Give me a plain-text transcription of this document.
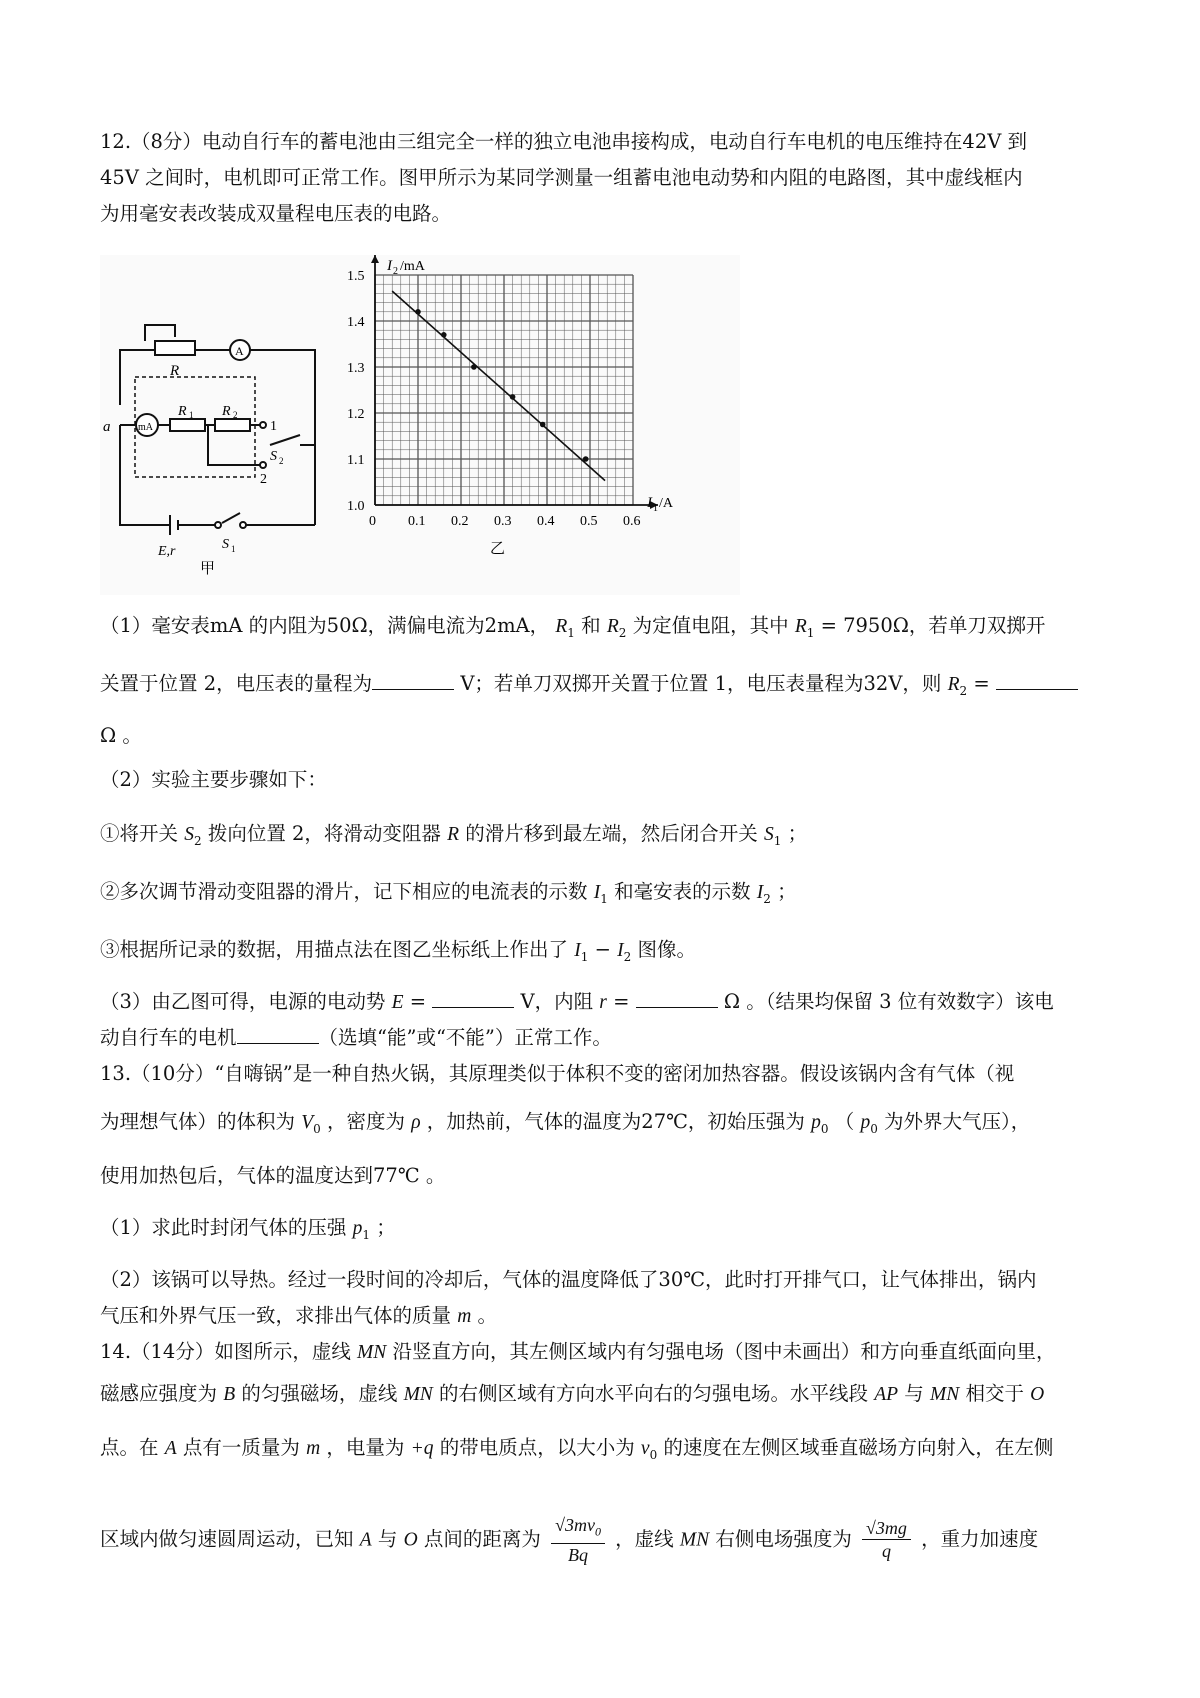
12.（8分）电动自行车的蓄电池由三组完全一样的独立电池串接构成，电动自行车电机的电压维持在42V 到
45V 之间时，电机即可正常工作。图甲所示为某同学测量一组蓄电池电动势和内阻的电路图，其中虚线框内
为用毫安表改装成双量程电压表的电路。
R
A
mA
a
R 1 R 2
1
2
S 2
E,r	S 1
甲
0 0.1 0.2 0.3 0.4 0.5 0.6
1.0
1.1
1.2
1.3
1.4
1.5
I 2 /mA
I 1 /A
乙
（1）毫安表mA 的内阻为50Ω，满偏电流为2mA， $R_1$ 和 $R_2$ 为定值电阻，其中 $R_1 = 7950\Omega$，若单刀双掷开
关置于位置 2，电压表的量程为	V；若单刀双掷开关置于位置 1，电压表量程为32V，则 $R_2$ =
Ω 。
（2）实验主要步骤如下：
①将开关 $S_2$ 拨向位置 2，将滑动变阻器 R 的滑片移到最左端，然后闭合开关 $S_1$ ；
②多次调节滑动变阻器的滑片，记下相应的电流表的示数 $I_1$ 和毫安表的示数 $I_2$ ；
③根据所记录的数据，用描点法在图乙坐标纸上作出了 $I_1 - I_2$ 图像。
（3）由乙图可得，电源的电动势 E =	V，内阻 r =	Ω 。（结果均保留 3 位有效数字）该电
动自行车的电机	（选填“能”或“不能”）正常工作。
13.（10分）“自嗨锅”是一种自热火锅，其原理类似于体积不变的密闭加热容器。假设该锅内含有气体（视
为理想气体）的体积为 $V_0$ ，密度为 ρ ，加热前，气体的温度为27℃，初始压强为 $p_0$ （ $p_0$ 为外界大气压），
使用加热包后，气体的温度达到77℃ 。
（1）求此时封闭气体的压强 $p_1$ ；
（2）该锅可以导热。经过一段时间的冷却后，气体的温度降低了30℃，此时打开排气口，让气体排出，锅内
气压和外界气压一致，求排出气体的质量 m 。
14.（14分）如图所示，虚线 MN 沿竖直方向，其左侧区域内有匀强电场（图中未画出）和方向垂直纸面向里，
磁感应强度为 B 的匀强磁场，虚线 MN 的右侧区域有方向水平向右的匀强电场。水平线段 AP 与 MN 相交于 O
点。在 A 点有一质量为 m ，电量为 +q 的带电质点，以大小为 $v_0$ 的速度在左侧区域垂直磁场方向射入，在左侧
区域内做匀速圆周运动，已知 A 与 O 点间的距离为 $\frac{√3mv_0}{Bq}$ ，虚线 MN 右侧电场强度为 $\frac{√3mg}{q}$ ，重力加速度
